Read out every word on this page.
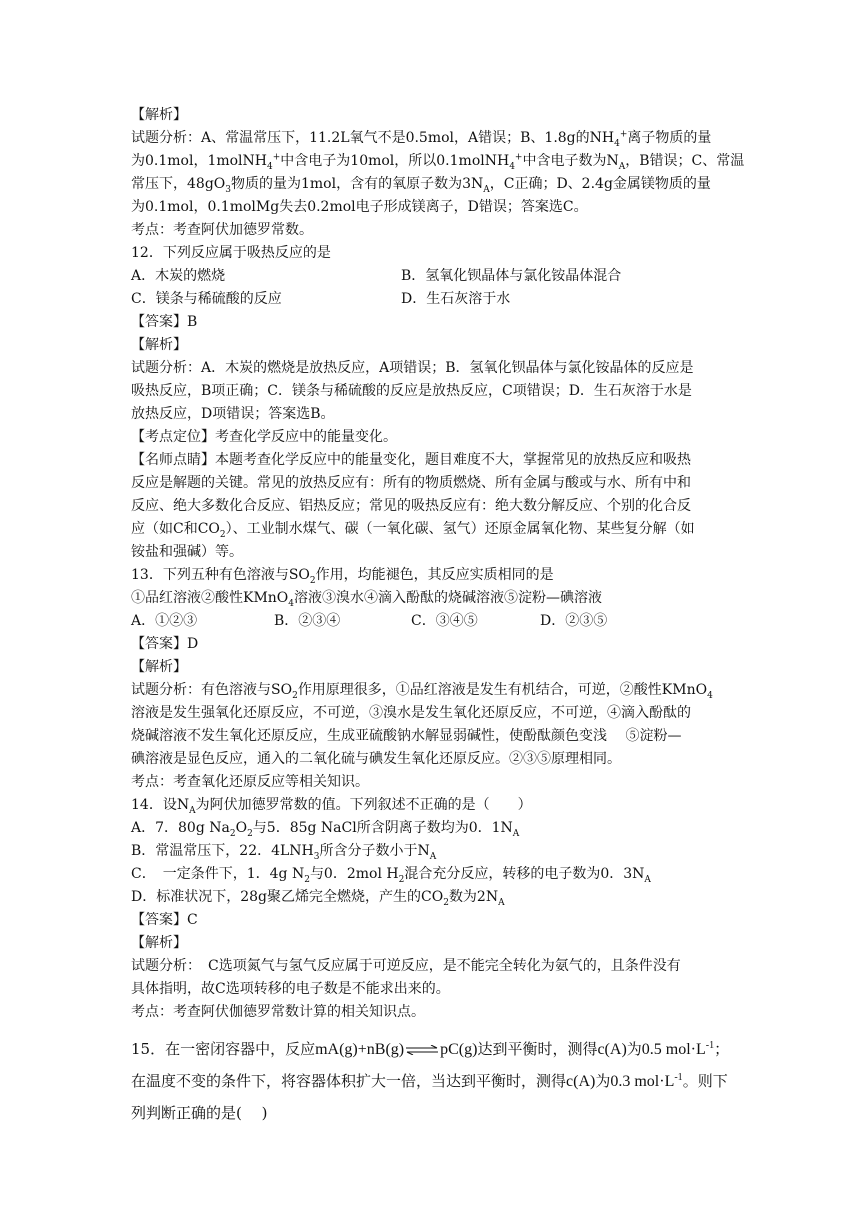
【解析】
试题分析：A、常温常压下，11.2L氧气不是0.5mol，A错误；B、1.8g的$NH_4^+$离子物质的量
为0.1mol，1molNH$_4$+中含电子为10mol，所以0.1molNH$_4$+中含电子数为$N_A$，B错误；C、常温
常压下，$48gO_3$物质的量为1mol，含有的氧原子数为$3N_A$，C正确；D、2.4g金属镁物质的量
为0.1mol，0.1molMg失去0.2mol电子形成镁离子，D错误；答案选C。
考点：考查阿伏加德罗常数。
12．下列反应属于吸热反应的是
A．木炭的燃烧	B．氢氧化钡晶体与氯化铵晶体混合
C．镁条与稀硫酸的反应	D．生石灰溶于水
【答案】B
【解析】
试题分析：A．木炭的燃烧是放热反应，A项错误；B．氢氧化钡晶体与氯化铵晶体的反应是
吸热反应，B项正确；C．镁条与稀硫酸的反应是放热反应，C项错误；D．生石灰溶于水是
放热反应，D项错误；答案选B。
【考点定位】考查化学反应中的能量变化。
【名师点睛】本题考查化学反应中的能量变化，题目难度不大，掌握常见的放热反应和吸热
反应是解题的关键。常见的放热反应有：所有的物质燃烧、所有金属与酸或与水、所有中和
反应、绝大多数化合反应、铝热反应；常见的吸热反应有：绝大数分解反应、个别的化合反
应（如C和$CO_2$）、工业制水煤气、碳（一氧化碳、氢气）还原金属氧化物、某些复分解（如
铵盐和强碱）等。
13．下列五种有色溶液与$SO_2$作用，均能褪色，其反应实质相同的是
①品红溶液②酸性KMnO$_4$溶液③溴水④滴入酚酞的烧碱溶液⑤淀粉—碘溶液
A．①②③	B．②③④	C．③④⑤	D．②③⑤
【答案】D
【解析】
试题分析：有色溶液与$SO_2$作用原理很多，①品红溶液是发生有机结合，可逆，②酸性KMnO$_4$
溶液是发生强氧化还原反应，不可逆，③溴水是发生氧化还原反应，不可逆，④滴入酚酞的
烧碱溶液不发生氧化还原反应，生成亚硫酸钠水解显弱碱性，使酚酞颜色变浅　 ⑤淀粉—
碘溶液是显色反应，通入的二氧化硫与碘发生氧化还原反应。②③⑤原理相同。
考点：考查氧化还原反应等相关知识。
14．设$N_A$为阿伏加德罗常数的值。下列叙述不正确的是（　　）
A．7．80g $Na_2O_2$与5．85g NaCl所含阴离子数均为0．$1N_A$
B．常温常压下，22．$4LNH_3$所含分子数小于$N_A$
C．　一定条件下，1．4g $N_2$与0．2mol $H_2$混合充分反应，转移的电子数为0．$3N_A$
D．标准状况下，28g聚乙烯完全燃烧，产生的$CO_2$数为$2N_A$
【答案】C
【解析】
试题分析：　C选项氮气与氢气反应属于可逆反应，是不能完全转化为氨气的，且条件没有
具体指明，故C选项转移的电子数是不能求出来的。
考点：考查阿伏伽德罗常数计算的相关知识点。
15．在一密闭容器中，反应mA(g)+nB(g)⇌pC(g)达到平衡时，测得c(A)为0.5 $mol\cdot L^{-1}$；
在温度不变的条件下，将容器体积扩大一倍，当达到平衡时，测得c(A)为0.3 $mol\cdot L^{-1}$。则下
列判断正确的是(　 )
